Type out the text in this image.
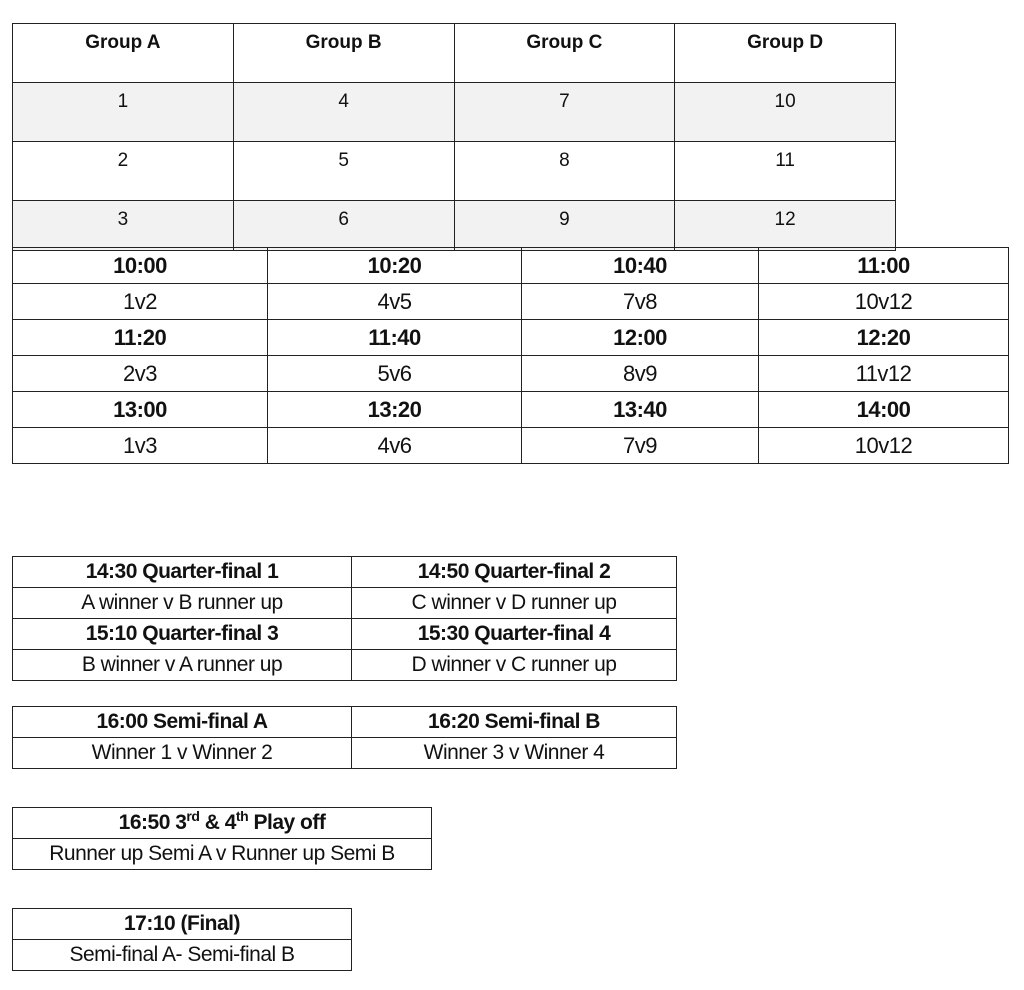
Group A	Group B	Group C	Group D
1	4	7	10
2	5	8	11
3	6	9	12
10:00	10:20	10:40	11:00
1v2	4v5	7v8	10v12
11:20	11:40	12:00	12:20
2v3	5v6	8v9	11v12
13:00	13:20	13:40	14:00
1v3	4v6	7v9	10v12
14:30 Quarter-final 1	14:50 Quarter-final 2
A winner v B runner up	C winner v D runner up
15:10 Quarter-final 3	15:30 Quarter-final 4
B winner v A runner up	D winner v C runner up
16:00 Semi-final A	16:20 Semi-final B
Winner 1 v Winner 2	Winner 3 v Winner 4
16:50 3rd & 4th Play off
Runner up Semi A v Runner up Semi B
17:10 (Final)
Semi-final A- Semi-final B
